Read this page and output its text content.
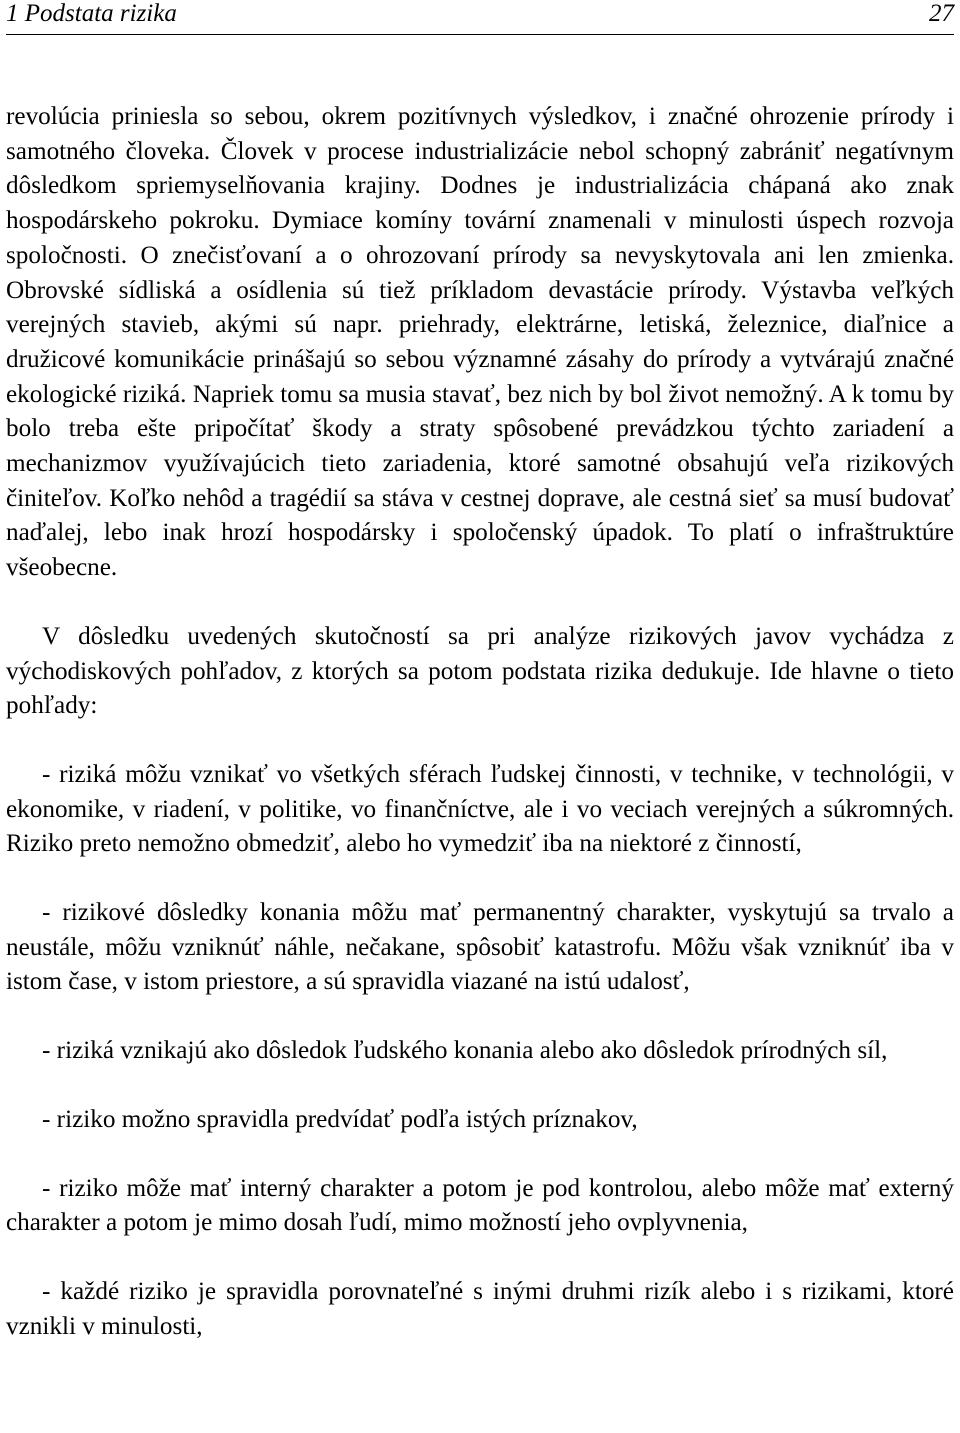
1 Podstata rizika	27

revolúcia priniesla so sebou, okrem pozitívnych výsledkov, i značné ohrozenie prírody i samotného človeka. Človek v procese industrializácie nebol schopný zabrániť negatívnym dôsledkom spriemyselňovania krajiny. Dodnes je industrializácia chápaná ako znak hospodárskeho pokroku. Dymiace komíny tovární znamenali v minulosti úspech rozvoja spoločnosti. O znečisťovaní a o ohrozovaní prírody sa nevyskytovala ani len zmienka. Obrovské sídliská a osídlenia sú tiež príkladom devastácie prírody. Výstavba veľkých verejných stavieb, akými sú napr. priehrady, elektrárne, letiská, železnice, diaľnice a družicové komunikácie prinášajú so sebou významné zásahy do prírody a vytvárajú značné ekologické riziká. Napriek tomu sa musia stavať, bez nich by bol život nemožný. A k tomu by bolo treba ešte pripočítať škody a straty spôsobené prevádzkou týchto zariadení a mechanizmov využívajúcich tieto zariadenia, ktoré samotné obsahujú veľa rizikových činiteľov. Koľko nehôd a tragédií sa stáva v cestnej doprave, ale cestná sieť sa musí budovať naďalej, lebo inak hrozí hospodársky i spoločenský úpadok. To platí o infraštruktúre všeobecne.

V dôsledku uvedených skutočností sa pri analýze rizikových javov vychádza z východiskových pohľadov, z ktorých sa potom podstata rizika dedukuje. Ide hlavne o tieto pohľady:

- riziká môžu vznikať vo všetkých sférach ľudskej činnosti, v technike, v technológii, v ekonomike, v riadení, v politike, vo finančníctve, ale i vo veciach verejných a súkromných. Riziko preto nemožno obmedziť, alebo ho vymedziť iba na niektoré z činností,

- rizikové dôsledky konania môžu mať permanentný charakter, vyskytujú sa trvalo a neustále, môžu vzniknúť náhle, nečakane, spôsobiť katastrofu. Môžu však vzniknúť iba v istom čase, v istom priestore, a sú spravidla viazané na istú udalosť,

- riziká vznikajú ako dôsledok ľudského konania alebo ako dôsledok prírodných síl,

- riziko možno spravidla predvídať podľa istých príznakov,

- riziko môže mať interný charakter a potom je pod kontrolou, alebo môže mať externý charakter a potom je mimo dosah ľudí, mimo možností jeho ovplyvnenia,

- každé riziko je spravidla porovnateľné s inými druhmi rizík alebo i s rizikami, ktoré vznikli v minulosti,
